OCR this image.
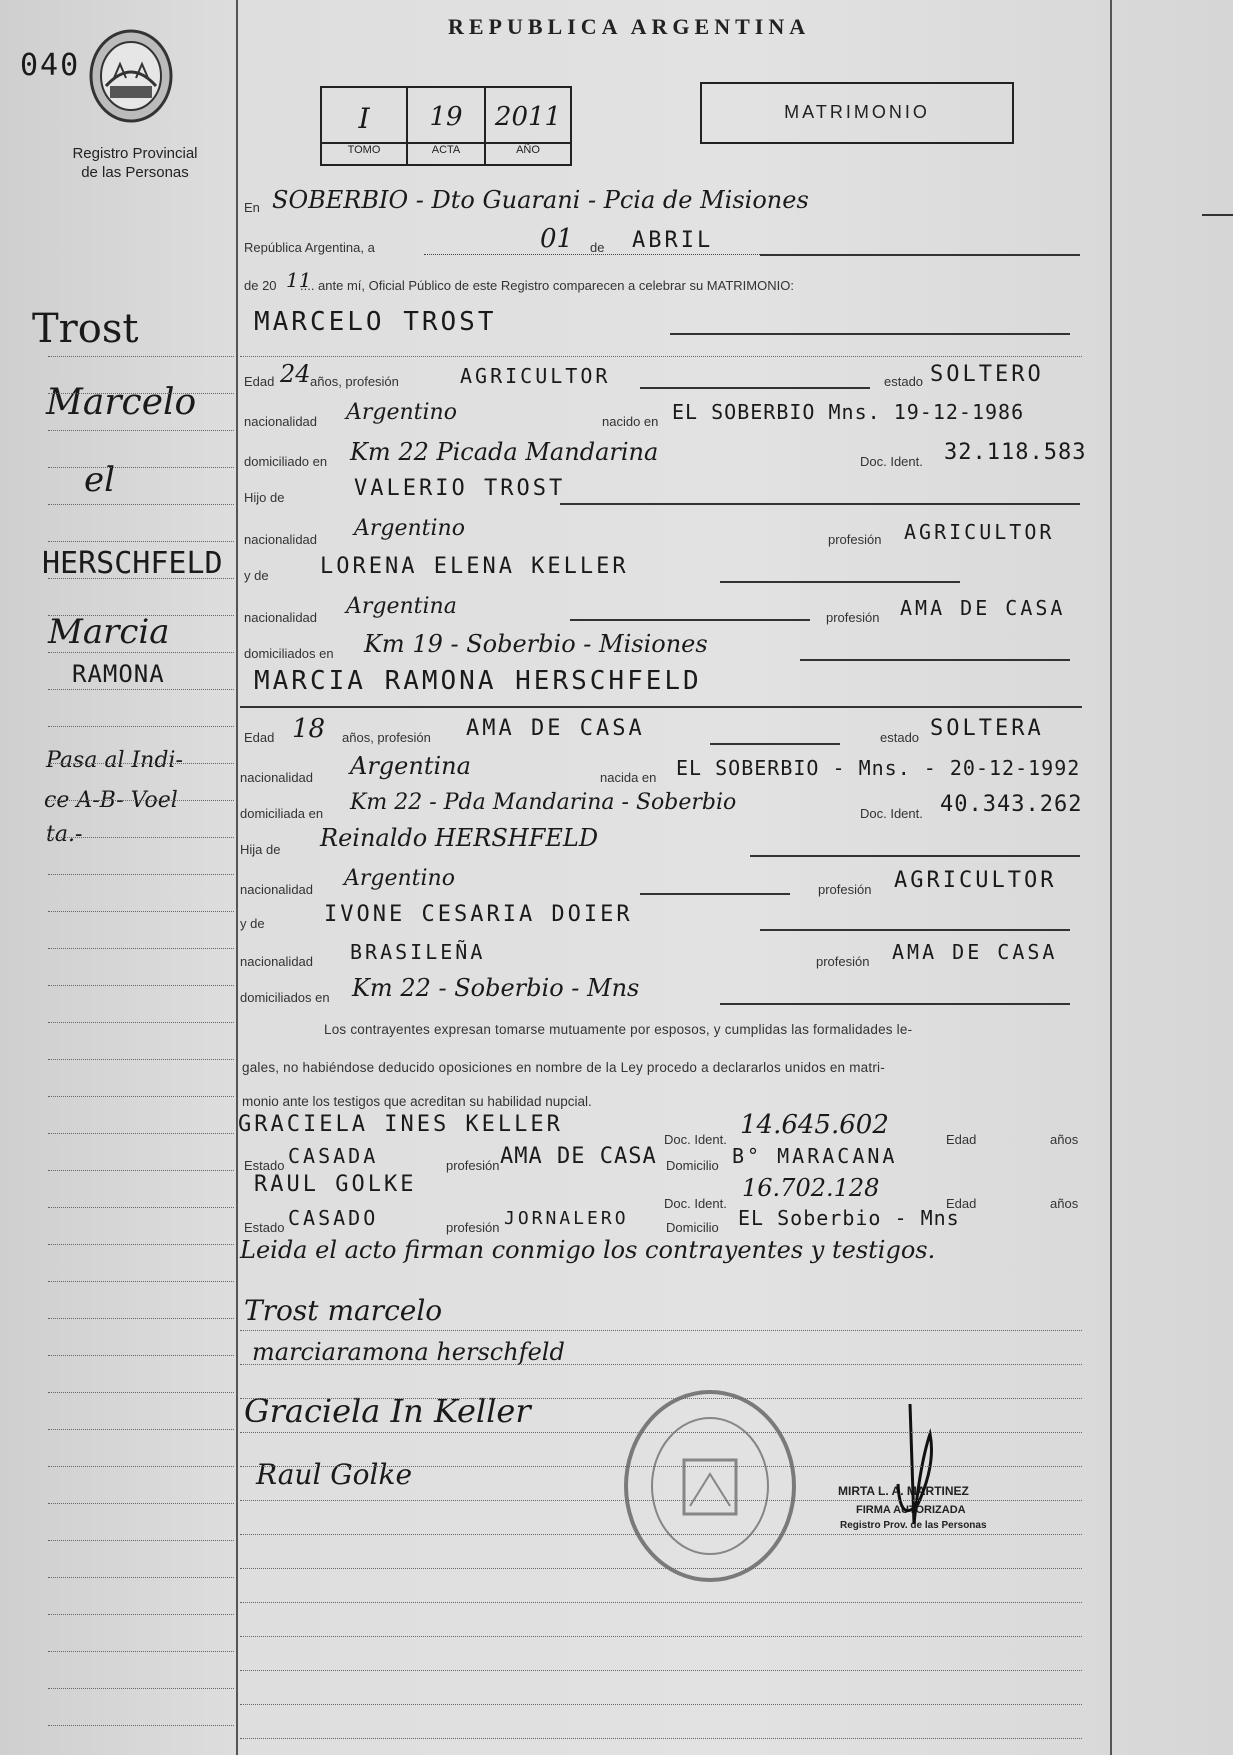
040
Registro Provincial
de las Personas
REPUBLICA ARGENTINA
I	19	2011
TOMO	ACTA	AÑO
MATRIMONIO
En SOBERBIO - Dto Guarani - Pcia de Misiones
República Argentina, a	01 de ABRIL
de 20 11
.... ante mí, Oficial Público de este Registro comparecen a celebrar su MATRIMONIO:
MARCELO TROST
Edad 24 años, profesión	AGRICULTOR	estado SOLTERO
nacionalidad Argentino	nacido en EL SOBERBIO Mns. 19-12-1986
domiciliado en Km 22 Picada Mandarina	Doc. Ident. 32.118.583
Hijo de	VALERIO TROST
nacionalidad Argentino	profesión AGRICULTOR
y de LORENA ELENA KELLER
nacionalidad Argentina	profesión AMA DE CASA
domiciliados en Km 19 - Soberbio - Misiones
MARCIA RAMONA HERSCHFELD
Edad 18 años, profesión AMA DE CASA	estado SOLTERA
nacionalidad Argentina	nacida en EL SOBERBIO - Mns. - 20-12-1992
domiciliada en Km 22 - Pda Mandarina - Soberbio	Doc. Ident. 40.343.262
Hija de Reinaldo HERSHFELD
nacionalidad Argentino	profesión AGRICULTOR
y de	IVONE CESARIA DOIER
nacionalidad BRASILEÑA	profesión AMA DE CASA
domiciliados en Km 22 - Soberbio - Mns
Los contrayentes expresan tomarse mutuamente por esposos, y cumplidas las formalidades le-
gales, no habiéndose deducido oposiciones en nombre de la Ley procedo a declararlos unidos en matri-
monio ante los testigos que acreditan su habilidad nupcial.
GRACIELA INES KELLER
Doc. Ident. 14.645.602	Edad	años
Estado CASADA	profesión AMA DE CASA Domicilio B° MARACANA
RAUL GOLKE
Doc. Ident.
16.702.128
Edad	años
Estado CASADO	profesión JORNALERO	Domicilio EL Soberbio - Mns
Leida el acto firman conmigo los contrayentes y testigos.
Trost marcelo
marciaramona herschfeld
Graciela In Keller
Raul Golke	MIRTA L. A. MARTINEZ
FIRMA AUTORIZADA
Registro Prov. de las Personas
Trost
Marcelo
el
HERSCHFELD
Marcia
RAMONA
Pasa al Indi-
ce A-B- Voel
ta.-
